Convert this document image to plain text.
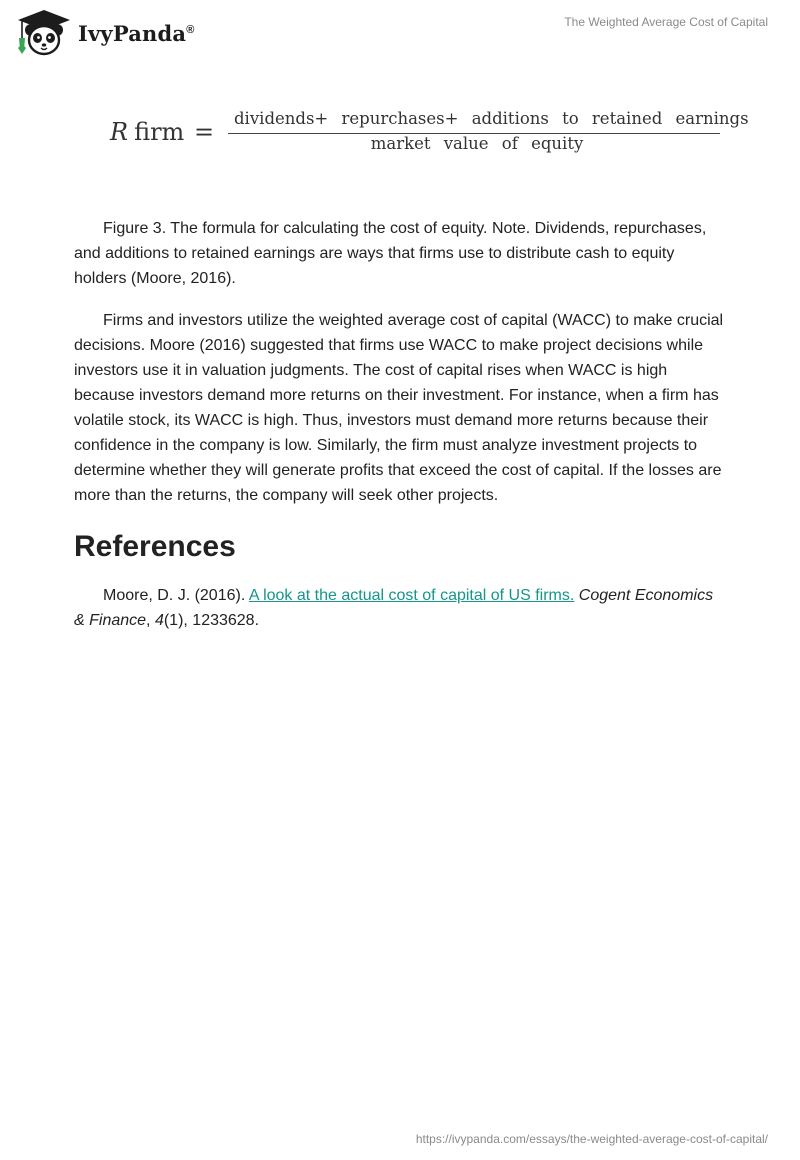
IvyPanda®
The Weighted Average Cost of Capital
R firm = dividends+ repurchases+ additions to retained earnings
market value of equity

Figure 3. The formula for calculating the cost of equity. Note. Dividends, repurchases, and additions to retained earnings are ways that firms use to distribute cash to equity holders (Moore, 2016).

Firms and investors utilize the weighted average cost of capital (WACC) to make crucial decisions. Moore (2016) suggested that firms use WACC to make project decisions while investors use it in valuation judgments. The cost of capital rises when WACC is high because investors demand more returns on their investment. For instance, when a firm has volatile stock, its WACC is high. Thus, investors must demand more returns because their confidence in the company is low. Similarly, the firm must analyze investment projects to determine whether they will generate profits that exceed the cost of capital. If the losses are more than the returns, the company will seek other projects.

References

Moore, D. J. (2016). A look at the actual cost of capital of US firms. Cogent Economics & Finance, 4(1), 1233628.

https://ivypanda.com/essays/the-weighted-average-cost-of-capital/
